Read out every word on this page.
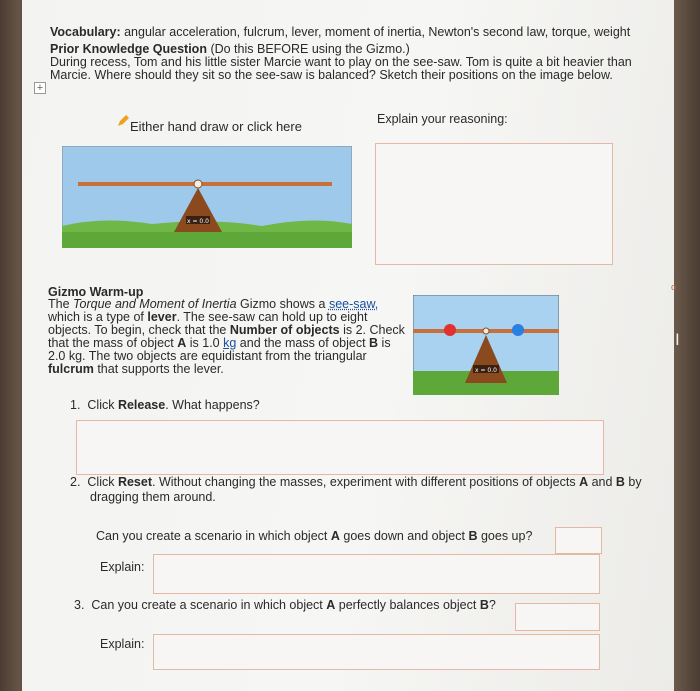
Vocabulary: angular acceleration, fulcrum, lever, moment of inertia, Newton's second law, torque, weight
Prior Knowledge Question (Do this BEFORE using the Gizmo.)
During recess, Tom and his little sister Marcie want to play on the see-saw. Tom is quite a bit heavier than
Marcie. Where should they sit so the see-saw is balanced? Sketch their positions on the image below.
+
Either hand draw or click here	Explain your reasoning:
x = 0.0
Gizmo Warm-up
The Torque and Moment of Inertia Gizmo shows a see-saw,
which is a type of lever. The see-saw can hold up to eight
objects. To begin, check that the Number of objects is 2. Check
that the mass of object A is 1.0 kg and the mass of object B is
2.0 kg. The two objects are equidistant from the triangular
fulcrum that supports the lever.	x = 0.0
1. Click Release. What happens?
2. Click Reset. Without changing the masses, experiment with different positions of objects A and B by
dragging them around.
Can you create a scenario in which object A goes down and object B goes up?
Explain:
3. Can you create a scenario in which object A perfectly balances object B?
Explain:
o
I
